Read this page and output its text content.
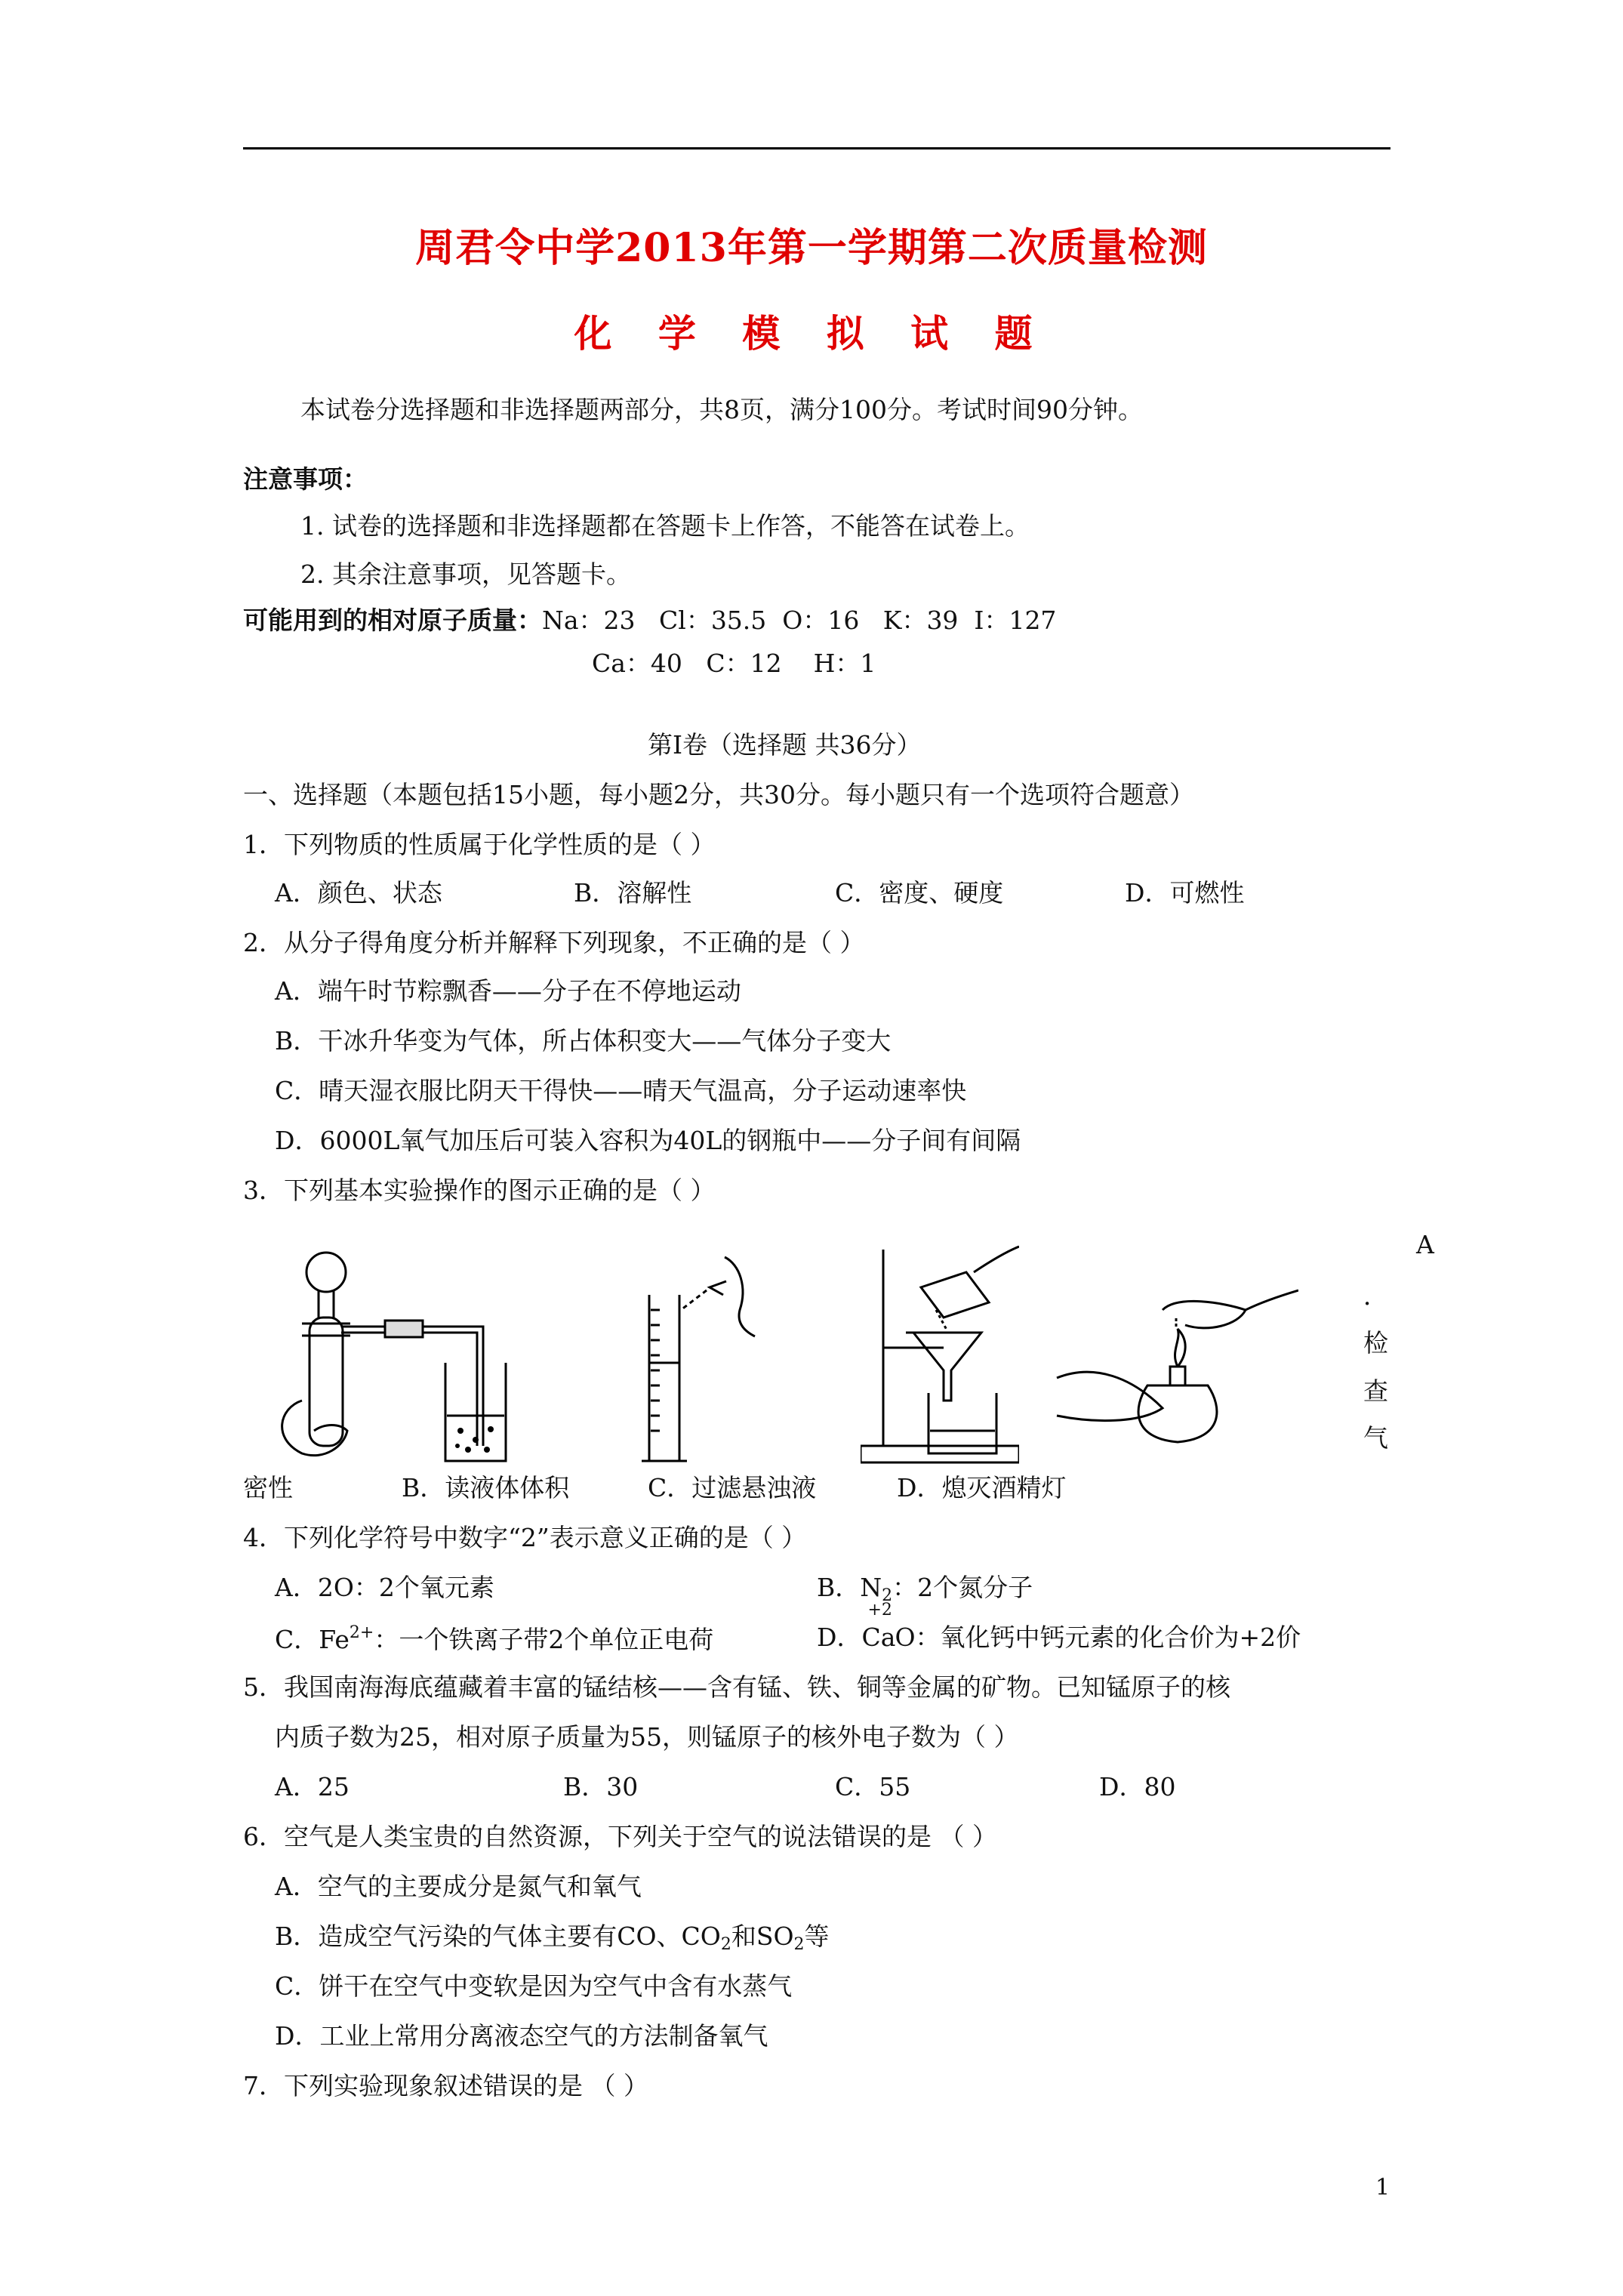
周君令中学2013年第一学期第二次质量检测
化 学 模 拟 试 题
本试卷分选择题和非选择题两部分，共8页，满分100分。考试时间90分钟。
注意事项：
1. 试卷的选择题和非选择题都在答题卡上作答，不能答在试卷上。
2. 其余注意事项，见答题卡。
可能用到的相对原子质量：Na：23   Cl：35.5  O：16   K：39  I：127
Ca：40   C：12    H：1
第Ⅰ卷（选择题 共36分）
一、选择题（本题包括15小题，每小题2分，共30分。每小题只有一个选项符合题意）
1．下列物质的性质属于化学性质的是（ ）
A．颜色、状态	B．溶解性	C．密度、硬度	D．可燃性
2．从分子得角度分析并解释下列现象，不正确的是（ ）
A．端午时节粽飘香——分子在不停地运动
B．干冰升华变为气体，所占体积变大——气体分子变大
C．晴天湿衣服比阴天干得快——晴天气温高，分子运动速率快
D．6000L氧气加压后可装入容积为40L的钢瓶中——分子间有间隔
3．下列基本实验操作的图示正确的是（ ）
A
．
检
查
气
密性	B．读液体体积	C．过滤悬浊液	D．熄灭酒精灯
4．下列化学符号中数字“2”表示意义正确的是（ ）
A．2O：2个氧元素	B．$N_2$：2个氮分子
C．$Fe^{2+}$：一个铁离子带2个单位正电荷	D．
+2
CaO：氧化钙中钙元素的化合价为+2价
5．我国南海海底蕴藏着丰富的锰结核——含有锰、铁、铜等金属的矿物。已知锰原子的核
内质子数为25，相对原子质量为55，则锰原子的核外电子数为（ ）
A．25	B．30	C．55	D．80
6．空气是人类宝贵的自然资源，下列关于空气的说法错误的是 （ ）
A．空气的主要成分是氮气和氧气
B．造成空气污染的气体主要有CO、$CO_2$和$SO_2$等
C．饼干在空气中变软是因为空气中含有水蒸气
D．工业上常用分离液态空气的方法制备氧气
7．下列实验现象叙述错误的是 （ ）
1
